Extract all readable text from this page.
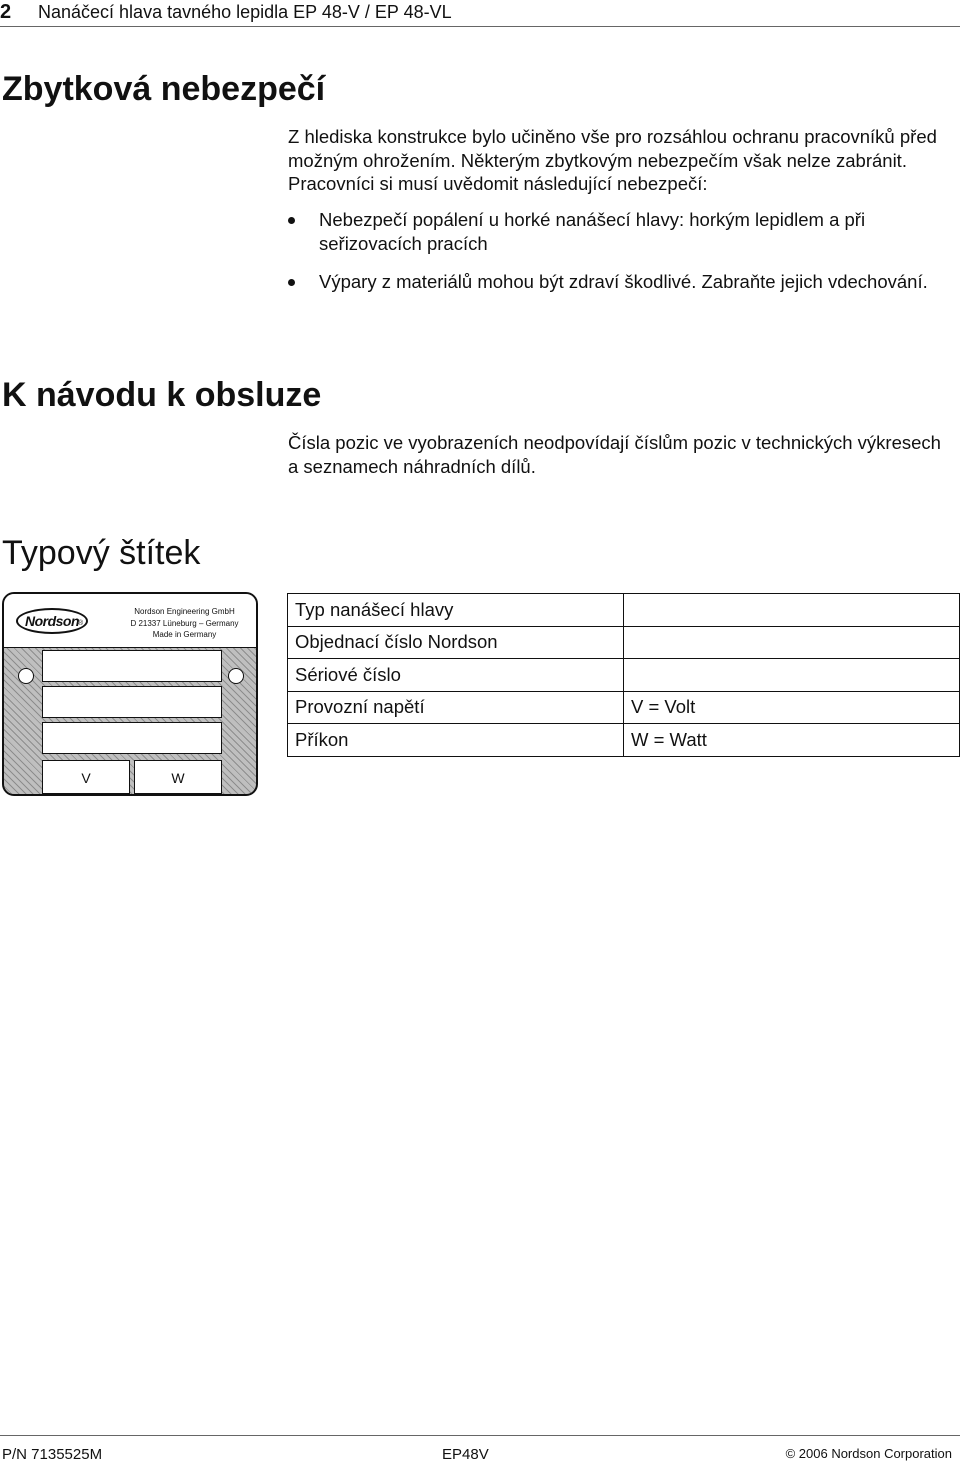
2 Nanáčecí hlava tavného lepidla EP 48-V / EP 48-VL
Zbytková nebezpečí

Z hlediska konstrukce bylo učiněno vše pro rozsáhlou ochranu pracovníků před možným ohrožením. Některým zbytkovým nebezpečím však nelze zabránit. Pracovníci si musí uvědomit následující nebezpečí:

Nebezpečí popálení u horké nanášecí hlavy: horkým lepidlem a při seřizovacích pracích
Výpary z materiálů mohou být zdraví škodlivé. Zabraňte jejich vdechování.
K návodu k obsluze

Čísla pozic ve vyobrazeních neodpovídají číslům pozic v technických výkresech a seznamech náhradních dílů.

Typový štítek
Nordson
®
Nordson Engineering GmbH
D 21337 Lüneburg – Germany
Made in Germany
V	W
Typ nanášecí hlavy	
Objednací číslo Nordson	
Sériové číslo	
Provozní napětí	V = Volt
Příkon	W = Watt
P/N 7135525M	EP48V	© 2006 Nordson Corporation
